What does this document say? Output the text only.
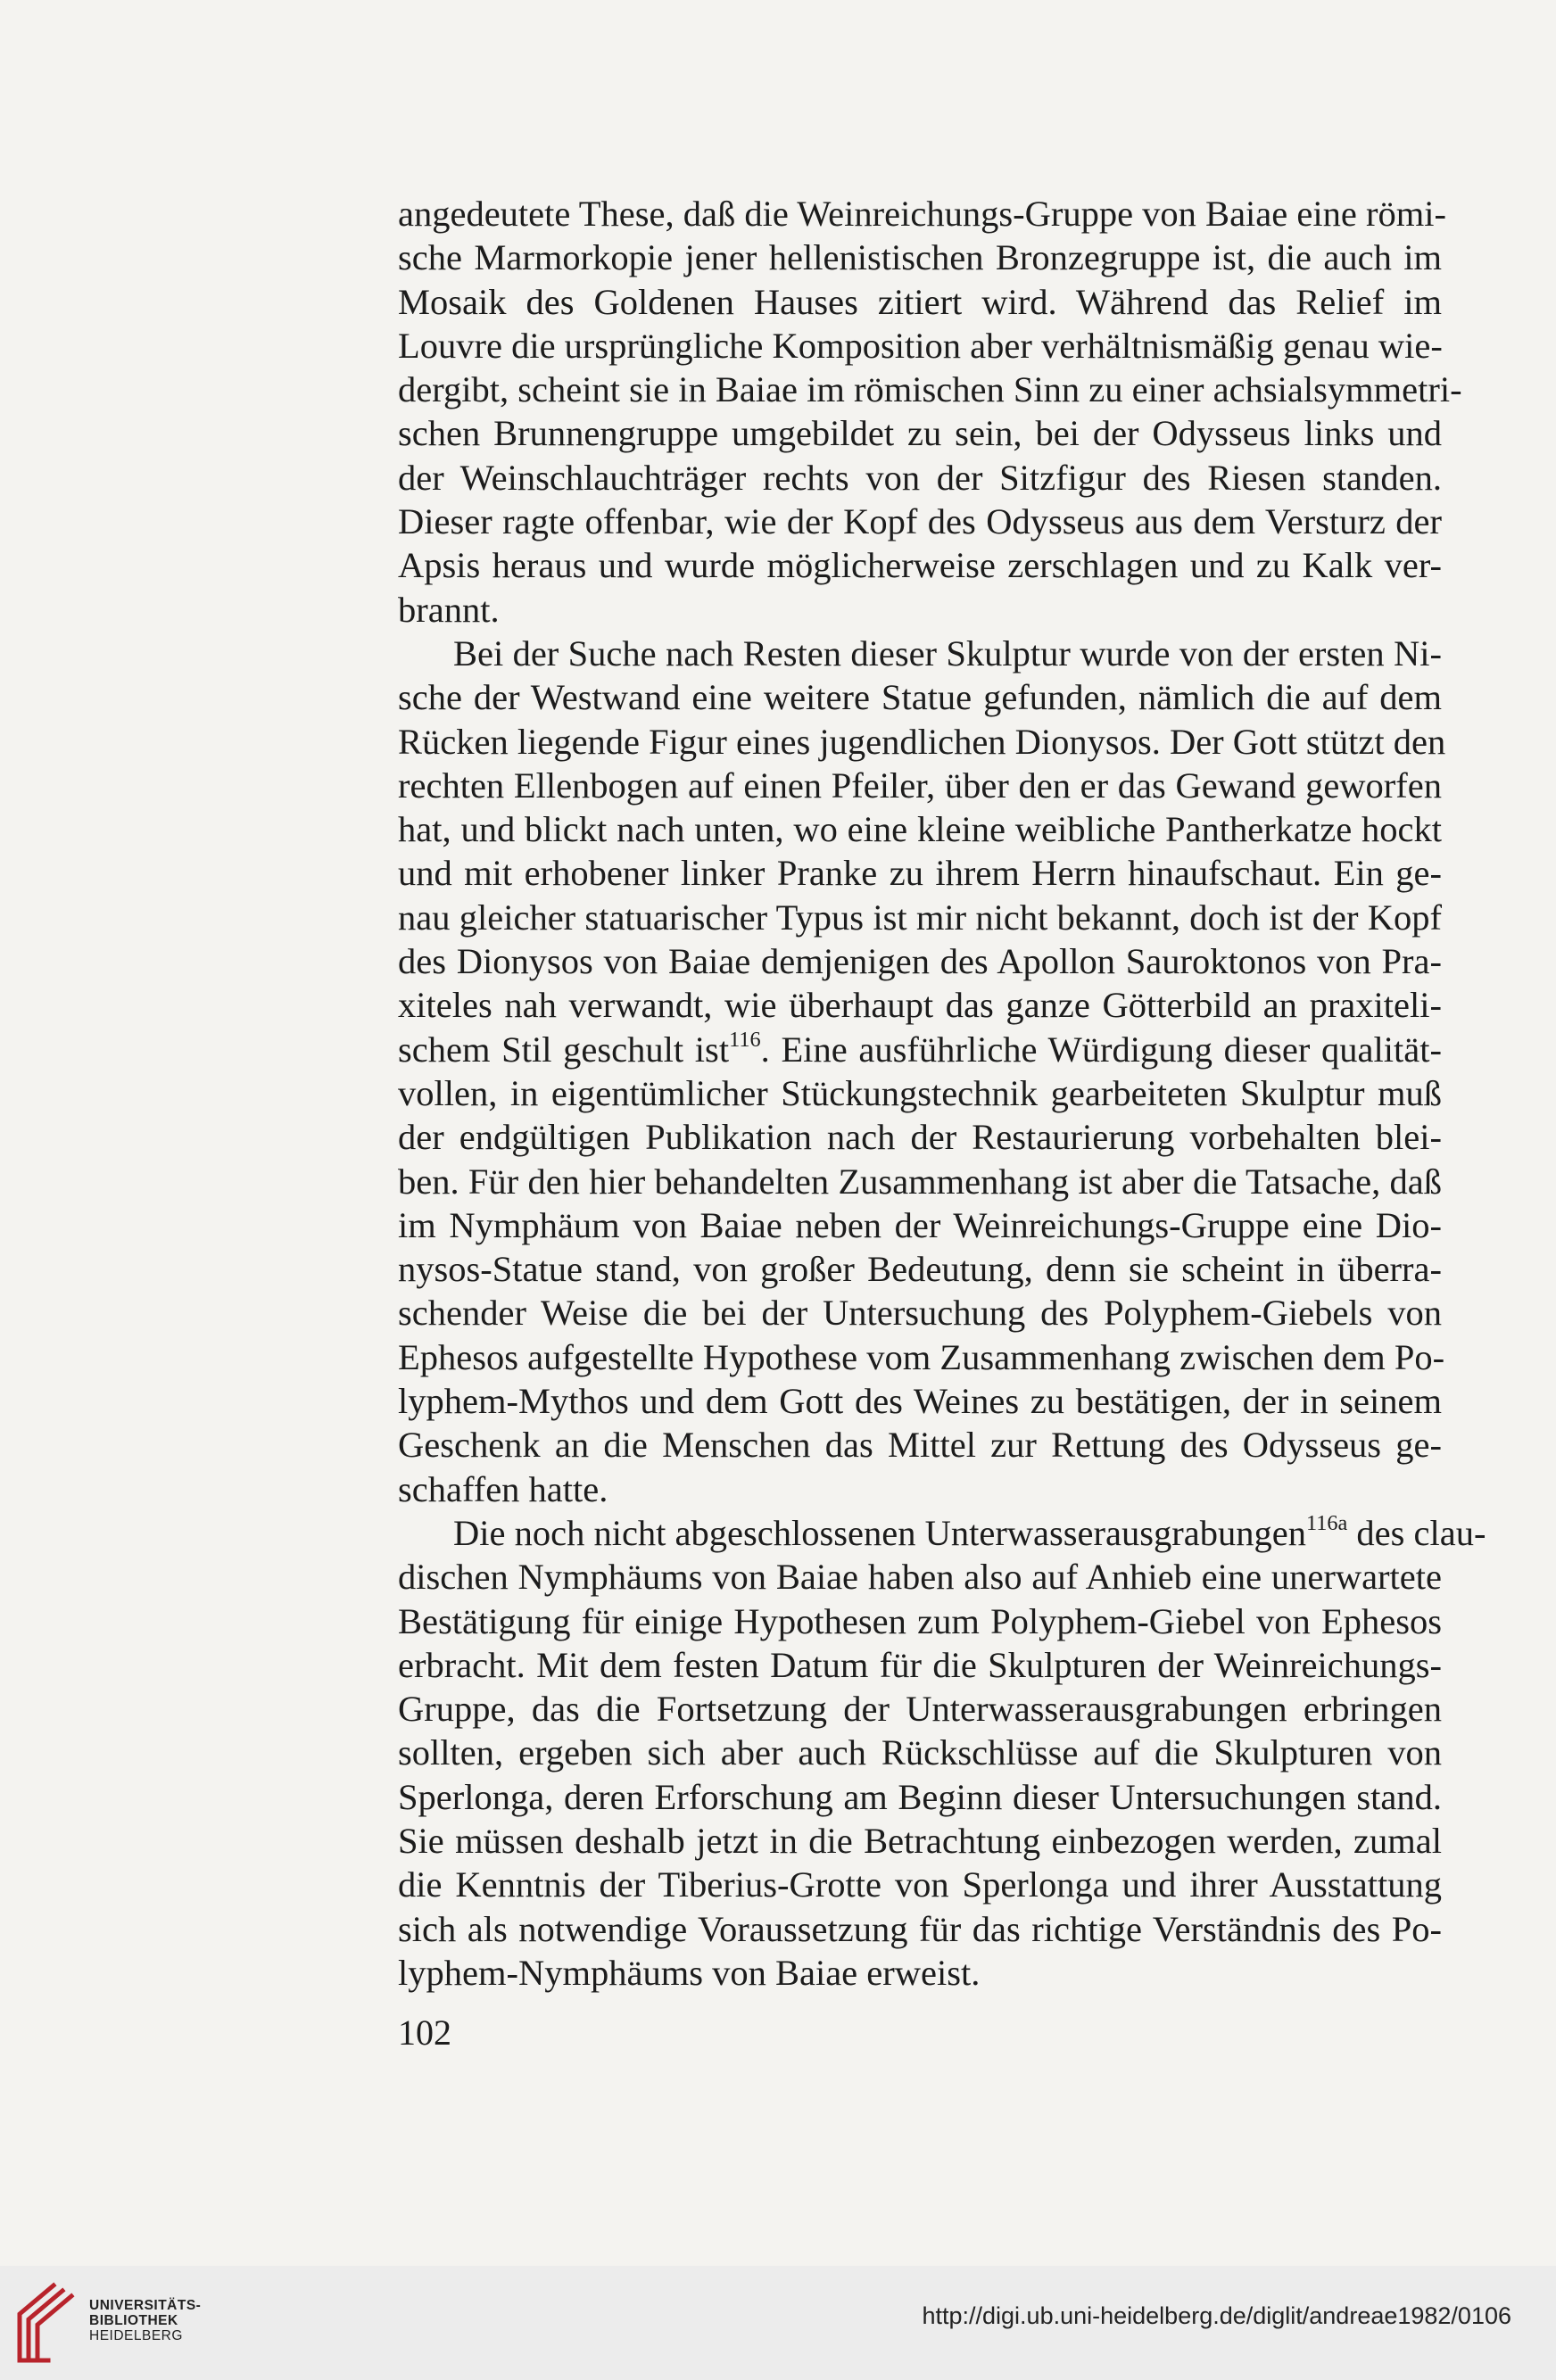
angedeutete These, daß die Weinreichungs-Gruppe von Baiae eine römi-
sche Marmorkopie jener hellenistischen Bronzegruppe ist, die auch im
Mosaik des Goldenen Hauses zitiert wird. Während das Relief im
Louvre die ursprüngliche Komposition aber verhältnismäßig genau wie-
dergibt, scheint sie in Baiae im römischen Sinn zu einer achsialsymmetri-
schen Brunnengruppe umgebildet zu sein, bei der Odysseus links und
der Weinschlauchträger rechts von der Sitzfigur des Riesen standen.
Dieser ragte offenbar, wie der Kopf des Odysseus aus dem Versturz der
Apsis heraus und wurde möglicherweise zerschlagen und zu Kalk ver-
brannt.

Bei der Suche nach Resten dieser Skulptur wurde von der ersten Ni-
sche der Westwand eine weitere Statue gefunden, nämlich die auf dem
Rücken liegende Figur eines jugendlichen Dionysos. Der Gott stützt den
rechten Ellenbogen auf einen Pfeiler, über den er das Gewand geworfen
hat, und blickt nach unten, wo eine kleine weibliche Pantherkatze hockt
und mit erhobener linker Pranke zu ihrem Herrn hinaufschaut. Ein ge-
nau gleicher statuarischer Typus ist mir nicht bekannt, doch ist der Kopf
des Dionysos von Baiae demjenigen des Apollon Sauroktonos von Pra-
xiteles nah verwandt, wie überhaupt das ganze Götterbild an praxiteli-
schem Stil geschult ist$^{116}$. Eine ausführliche Würdigung dieser qualität-
vollen, in eigentümlicher Stückungstechnik gearbeiteten Skulptur muß
der endgültigen Publikation nach der Restaurierung vorbehalten blei-
ben. Für den hier behandelten Zusammenhang ist aber die Tatsache, daß
im Nymphäum von Baiae neben der Weinreichungs-Gruppe eine Dio-
nysos-Statue stand, von großer Bedeutung, denn sie scheint in überra-
schender Weise die bei der Untersuchung des Polyphem-Giebels von
Ephesos aufgestellte Hypothese vom Zusammenhang zwischen dem Po-
lyphem-Mythos und dem Gott des Weines zu bestätigen, der in seinem
Geschenk an die Menschen das Mittel zur Rettung des Odysseus ge-
schaffen hatte.

Die noch nicht abgeschlossenen Unterwasserausgrabungen$^{116a}$ des clau-
dischen Nymphäums von Baiae haben also auf Anhieb eine unerwartete
Bestätigung für einige Hypothesen zum Polyphem-Giebel von Ephesos
erbracht. Mit dem festen Datum für die Skulpturen der Weinreichungs-
Gruppe, das die Fortsetzung der Unterwasserausgrabungen erbringen
sollten, ergeben sich aber auch Rückschlüsse auf die Skulpturen von
Sperlonga, deren Erforschung am Beginn dieser Untersuchungen stand.
Sie müssen deshalb jetzt in die Betrachtung einbezogen werden, zumal
die Kenntnis der Tiberius-Grotte von Sperlonga und ihrer Ausstattung
sich als notwendige Voraussetzung für das richtige Verständnis des Po-
lyphem-Nymphäums von Baiae erweist.

102
UNIVERSITÄTS-
BIBLIOTHEK
HEIDELBERG
http://digi.ub.uni-heidelberg.de/diglit/andreae1982/0106
